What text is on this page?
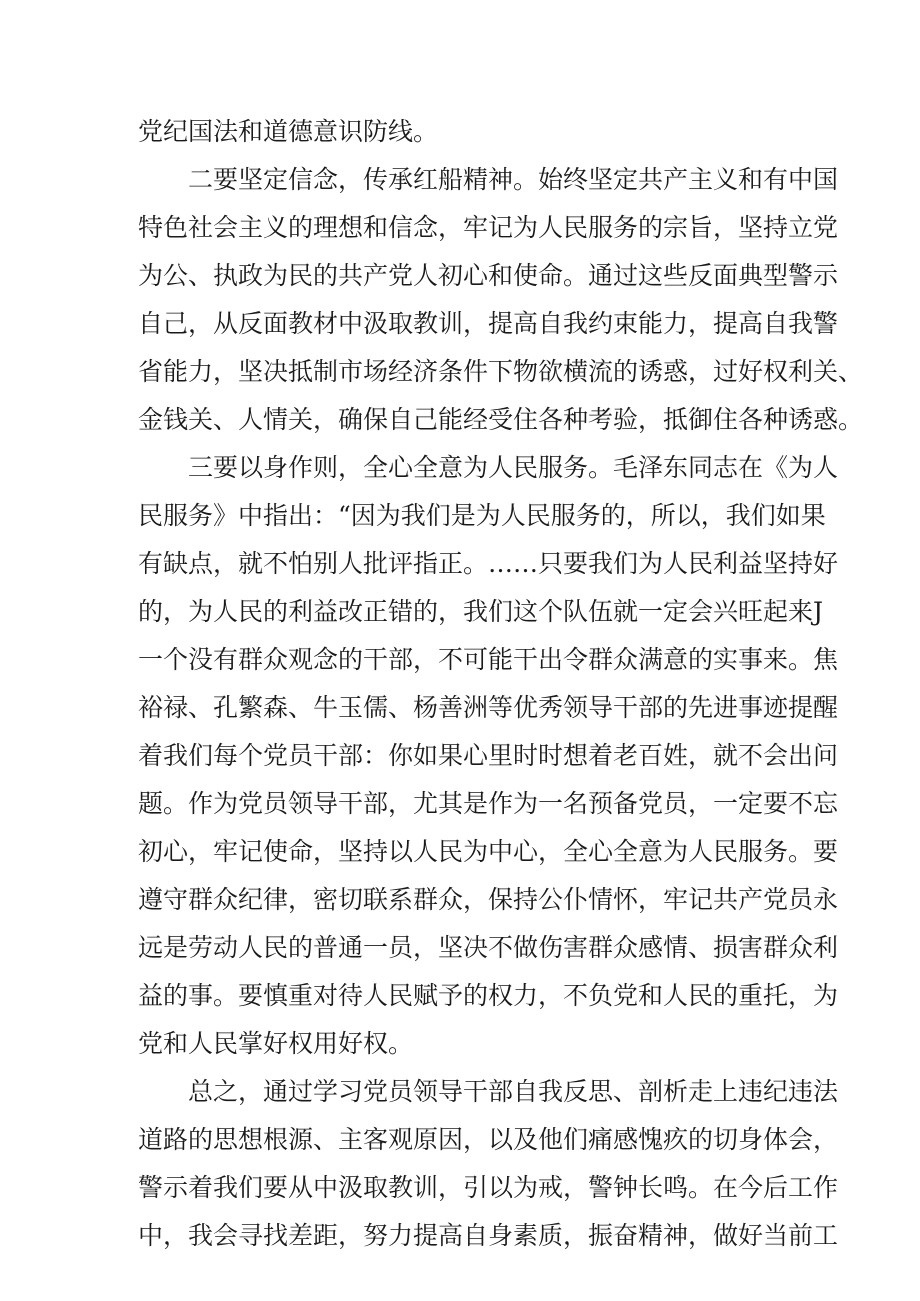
党纪国法和道德意识防线。
二要坚定信念，传承红船精神。始终坚定共产主义和有中国
特色社会主义的理想和信念，牢记为人民服务的宗旨，坚持立党
为公、执政为民的共产党人初心和使命。通过这些反面典型警示
自己，从反面教材中汲取教训，提高自我约束能力，提高自我警
省能力，坚决抵制市场经济条件下物欲横流的诱惑，过好权利关、
金钱关、人情关，确保自己能经受住各种考验，抵御住各种诱惑。
三要以身作则，全心全意为人民服务。毛泽东同志在《为人
民服务》中指出：“因为我们是为人民服务的，所以，我们如果
有缺点，就不怕别人批评指正。……只要我们为人民利益坚持好
的，为人民的利益改正错的，我们这个队伍就一定会兴旺起来J
一个没有群众观念的干部，不可能干出令群众满意的实事来。焦
裕禄、孔繁森、牛玉儒、杨善洲等优秀领导干部的先进事迹提醒
着我们每个党员干部：你如果心里时时想着老百姓，就不会出问
题。作为党员领导干部，尤其是作为一名预备党员，一定要不忘
初心，牢记使命，坚持以人民为中心，全心全意为人民服务。要
遵守群众纪律，密切联系群众，保持公仆情怀，牢记共产党员永
远是劳动人民的普通一员，坚决不做伤害群众感情、损害群众利
益的事。要慎重对待人民赋予的权力，不负党和人民的重托，为
党和人民掌好权用好权。
总之，通过学习党员领导干部自我反思、剖析走上违纪违法
道路的思想根源、主客观原因，以及他们痛感愧疚的切身体会，
警示着我们要从中汲取教训，引以为戒，警钟长鸣。在今后工作
中，我会寻找差距，努力提高自身素质，振奋精神，做好当前工
